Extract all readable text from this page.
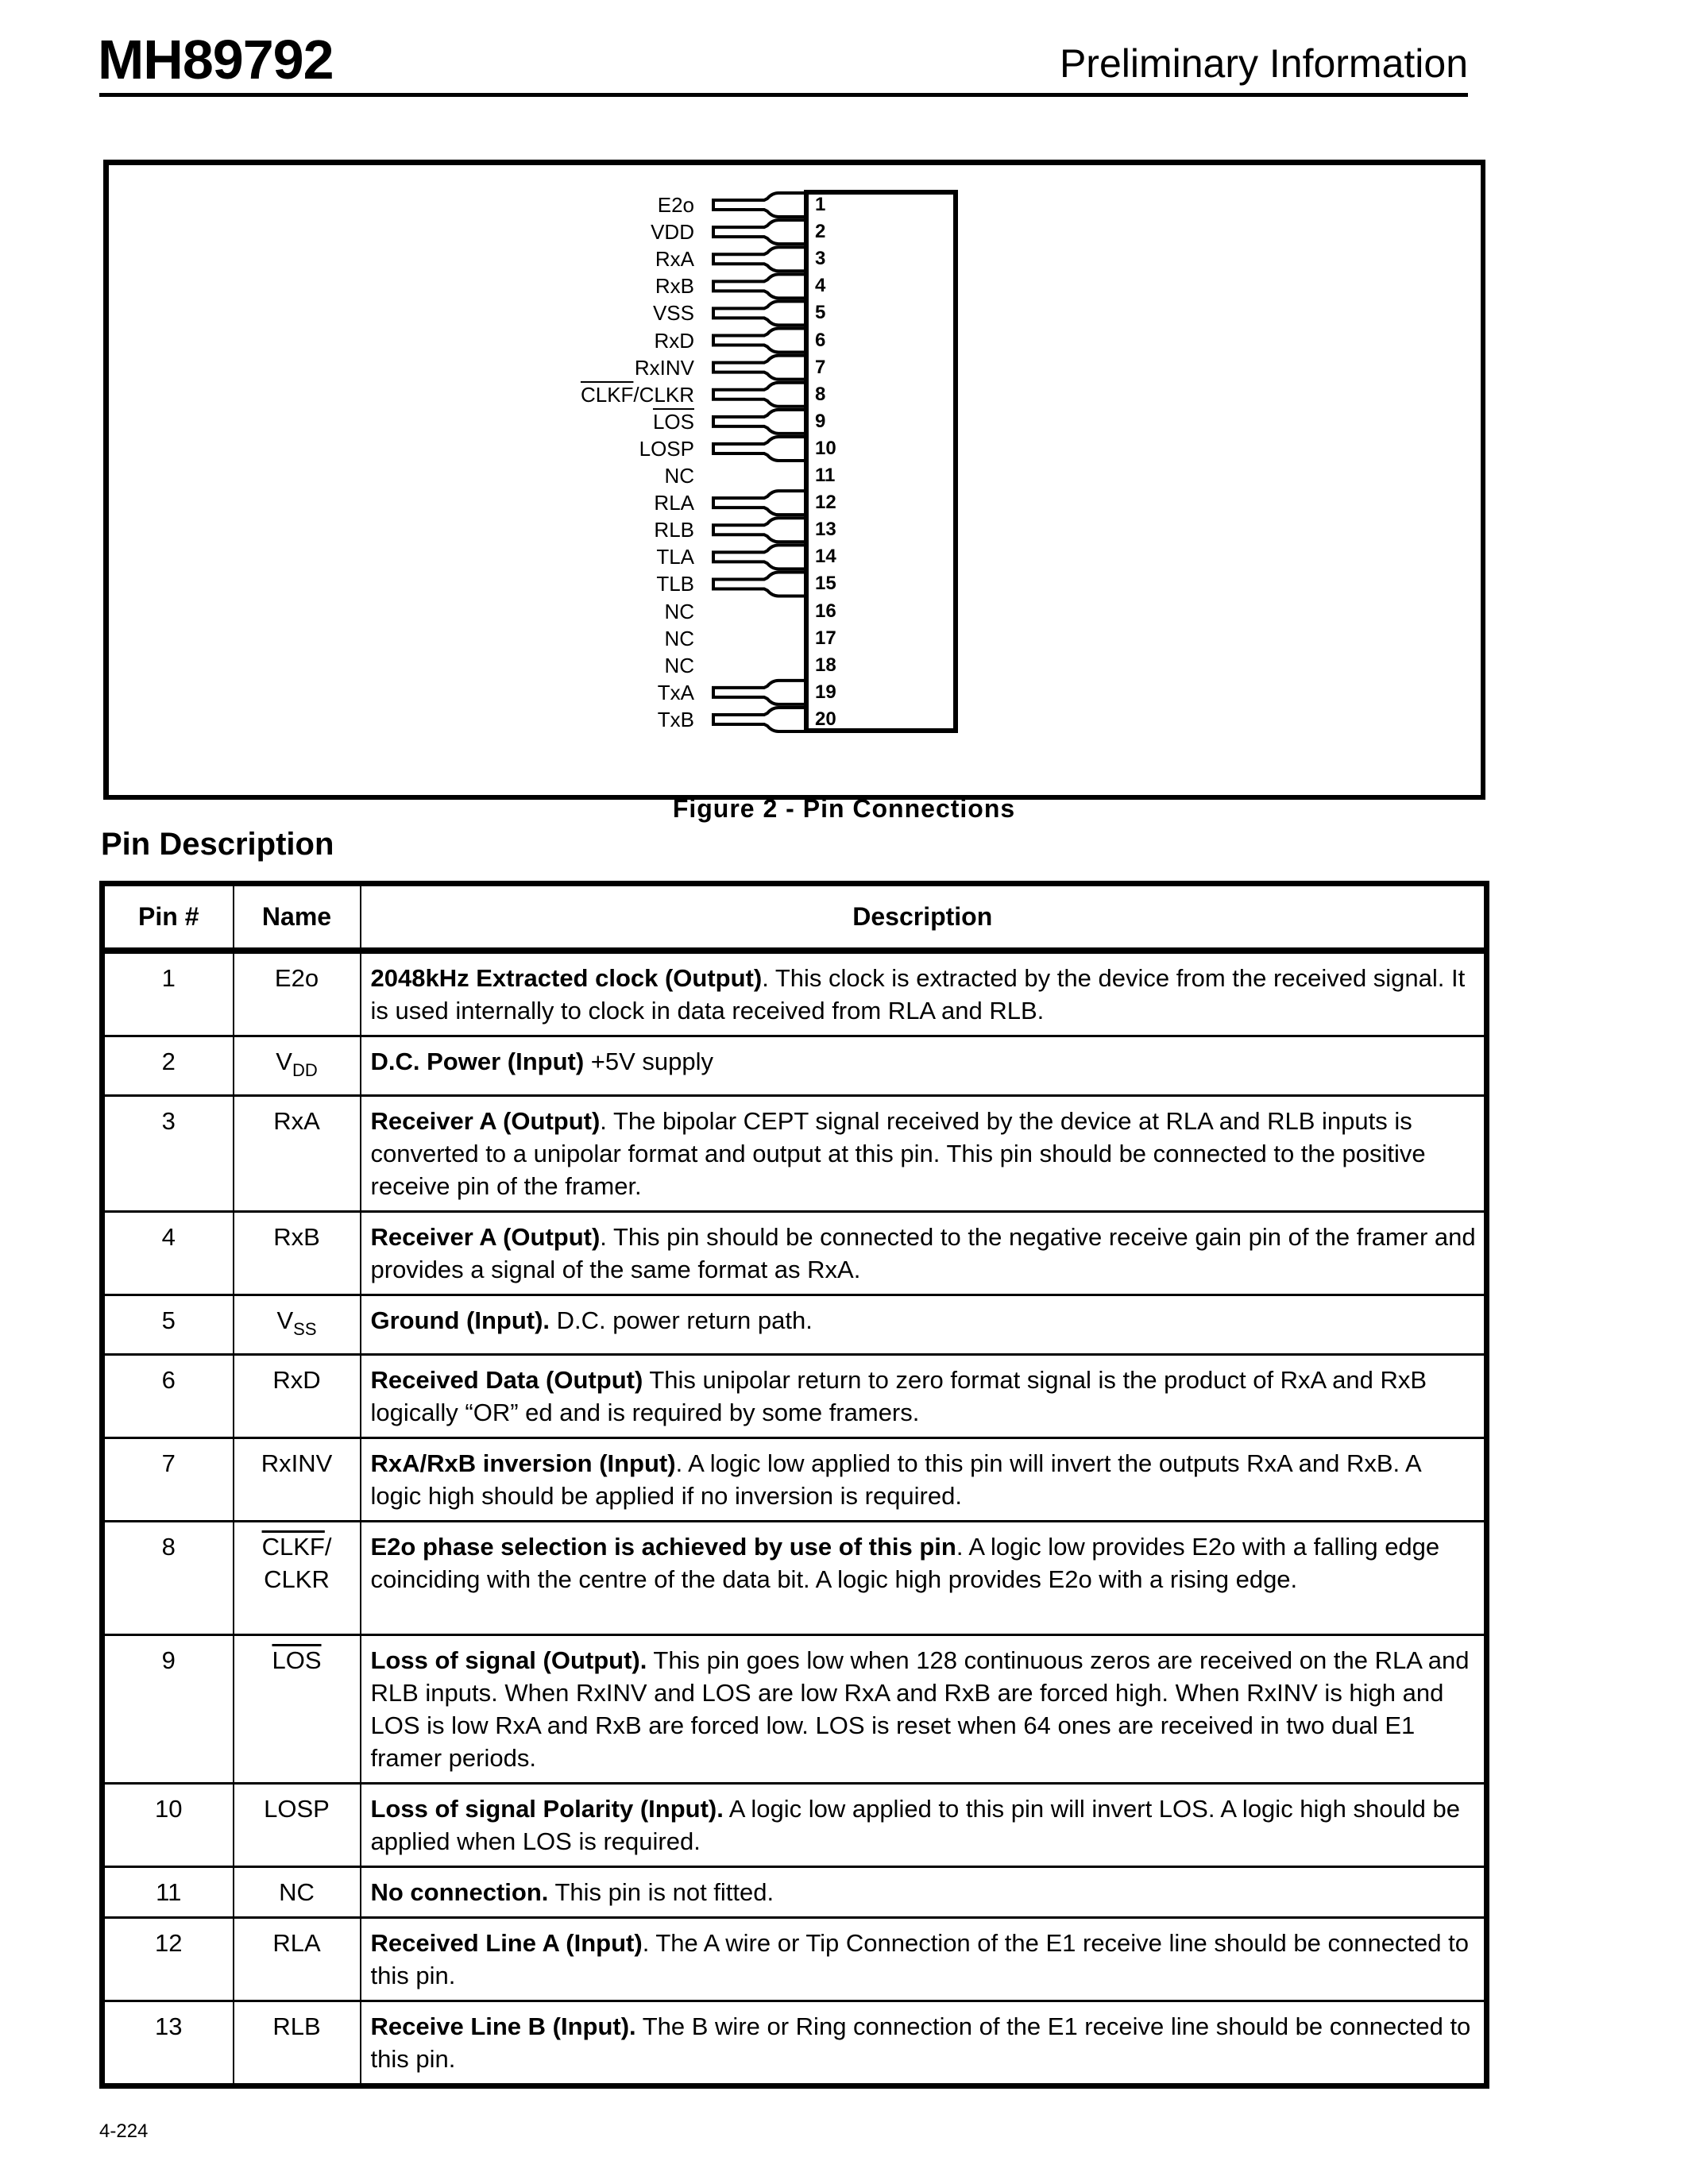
MH89792	Preliminary Information
E2o	1
VDD	2
RxA	3
RxB	4
VSS	5
RxD	6
RxINV	7
CLKF/CLKR	8
$\overline{LOS}$	9
LOSP	10
NC	11
RLA	12
RLB	13
TLA	14
TLB	15
NC	16
NC	17
NC	18
TxA	19
TxB	20
Figure 2 - Pin Connections
Pin Description
Pin #	Name	Description
1	E2o	2048kHz Extracted clock (Output). This clock is extracted by the device from the received signal. It is used internally to clock in data received from RLA and RLB.
2	$V_{DD}$	D.C. Power (Input) +5V supply
3	RxA	Receiver A (Output). The bipolar CEPT signal received by the device at RLA and RLB inputs is converted to a unipolar format and output at this pin. This pin should be connected to the positive receive pin of the framer.
4	RxB	Receiver A (Output). This pin should be connected to the negative receive gain pin of the framer and provides a signal of the same format as RxA.
5	$V_{SS}$	Ground (Input). D.C. power return path.
6	RxD	Received Data (Output) This unipolar return to zero format signal is the product of RxA and RxB logically “OR” ed and is required by some framers.
7	RxINV	RxA/RxB inversion (Input). A logic low applied to this pin will invert the outputs RxA and RxB. A logic high should be applied if no inversion is required.
8	CLKF/ CLKR	E2o phase selection is achieved by use of this pin. A logic low provides E2o with a falling edge coinciding with the centre of the data bit. A logic high provides E2o with a rising edge.
9	$\overline{LOS}$	Loss of signal (Output). This pin goes low when 128 continuous zeros are received on the RLA and RLB inputs. When RxINV and LOS are low RxA and RxB are forced high. When RxINV is high and LOS is low RxA and RxB are forced low. LOS is reset when 64 ones are received in two dual E1 framer periods.
10	LOSP	Loss of signal Polarity (Input). A logic low applied to this pin will invert LOS. A logic high should be applied when LOS is required.
11	NC	No connection. This pin is not fitted.
12	RLA	Received Line A (Input). The A wire or Tip Connection of the E1 receive line should be connected to this pin.
13	RLB	Receive Line B (Input). The B wire or Ring connection of the E1 receive line should be connected to this pin.
4-224
